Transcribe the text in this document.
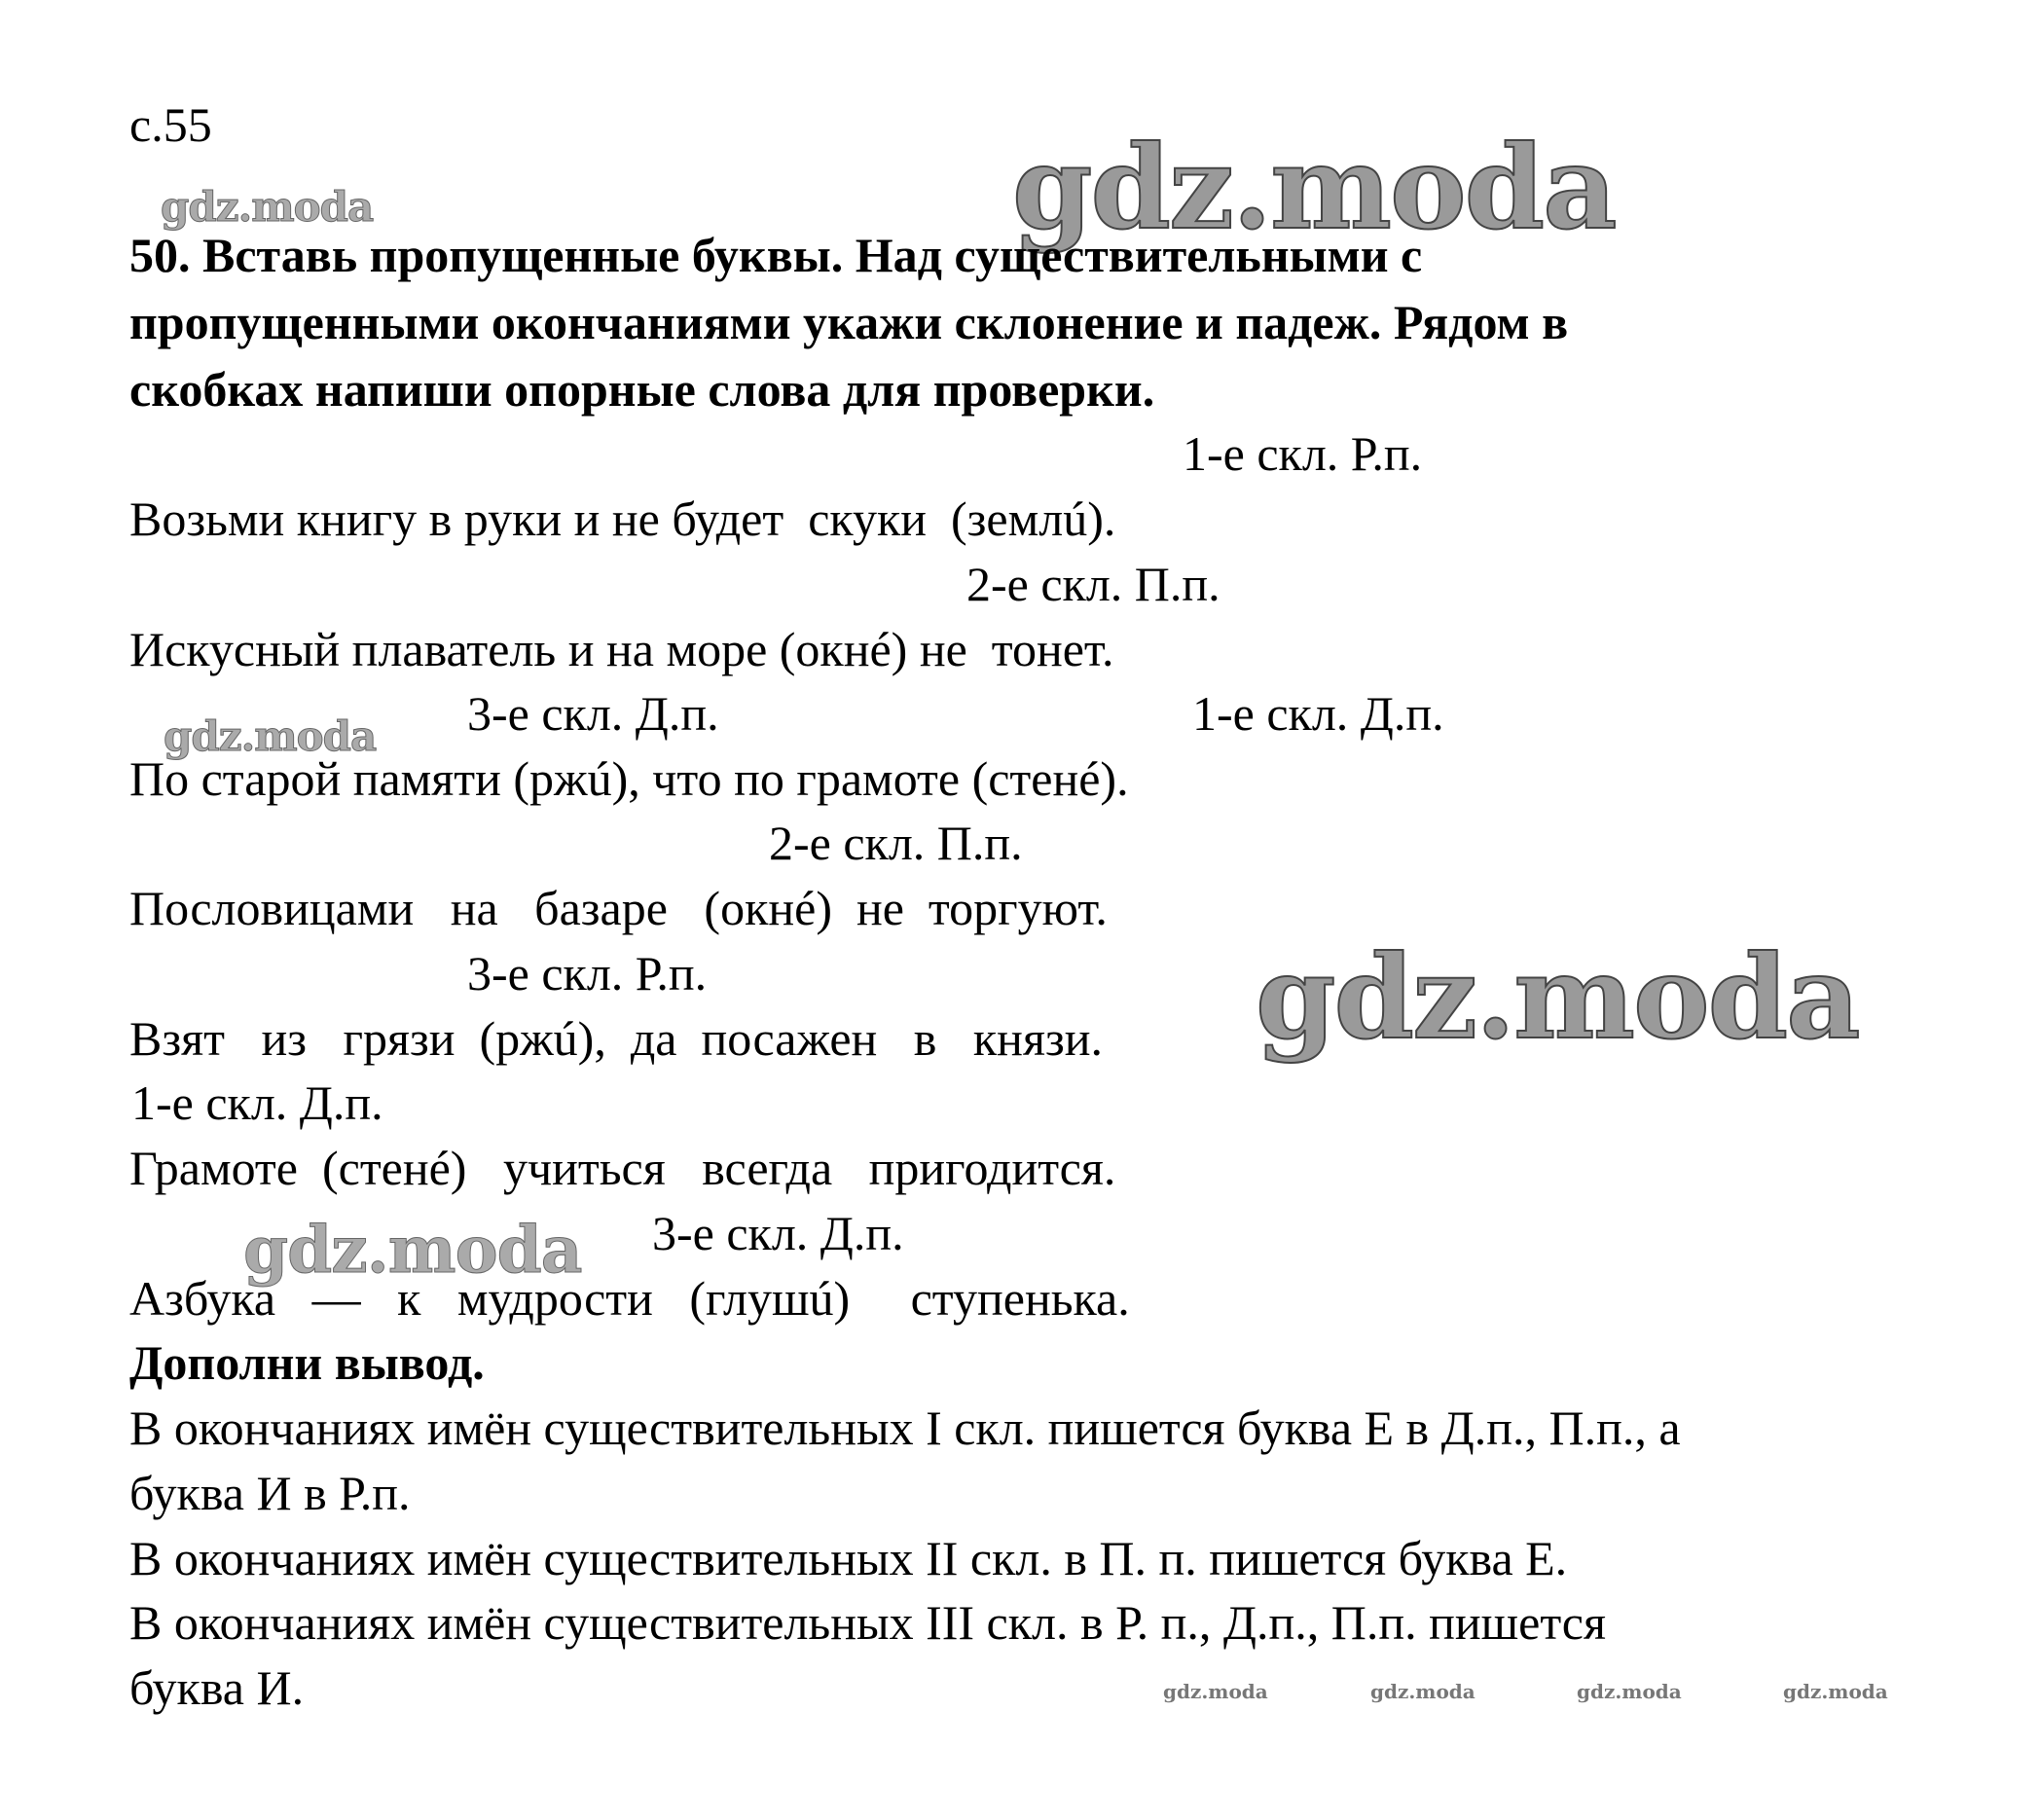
gdz.moda
gdz.moda
gdz.moda
gdz.moda
gdz.moda
gdz.moda	gdz.moda	gdz.moda	gdz.moda
с.55
50. Вставь пропущенные буквы. Над существительными с
пропущенными окончаниями укажи склонение и падеж. Рядом в
скобках напиши опорные слова для проверки.
1-е скл. Р.п.
Возьми книгу в руки и не будет  скуки  (землú).
2-е скл. П.п.
Искусный плаватель и на море (окнé) не  тонет.
3-е скл. Д.п.	1-е скл. Д.п.
По старой памяти (ржú), что по грамоте (стенé).
2-е скл. П.п.
Пословицами   на   базаре   (окнé)  не  торгуют.
3-е скл. Р.п.
Взят   из   грязи  (ржú),  да  посажен   в   князи.
1-е скл. Д.п.
Грамоте  (стенé)   учиться   всегда   пригодится.
3-е скл. Д.п.
Азбука   —   к   мудрости   (глушú)     ступенька.
Дополни вывод.
В окончаниях имён существительных I скл. пишется буква Е в Д.п., П.п., а
буква И в Р.п.
В окончаниях имён существительных II скл. в П. п. пишется буква Е.
В окончаниях имён существительных III скл. в Р. п., Д.п., П.п. пишется
буква И.
